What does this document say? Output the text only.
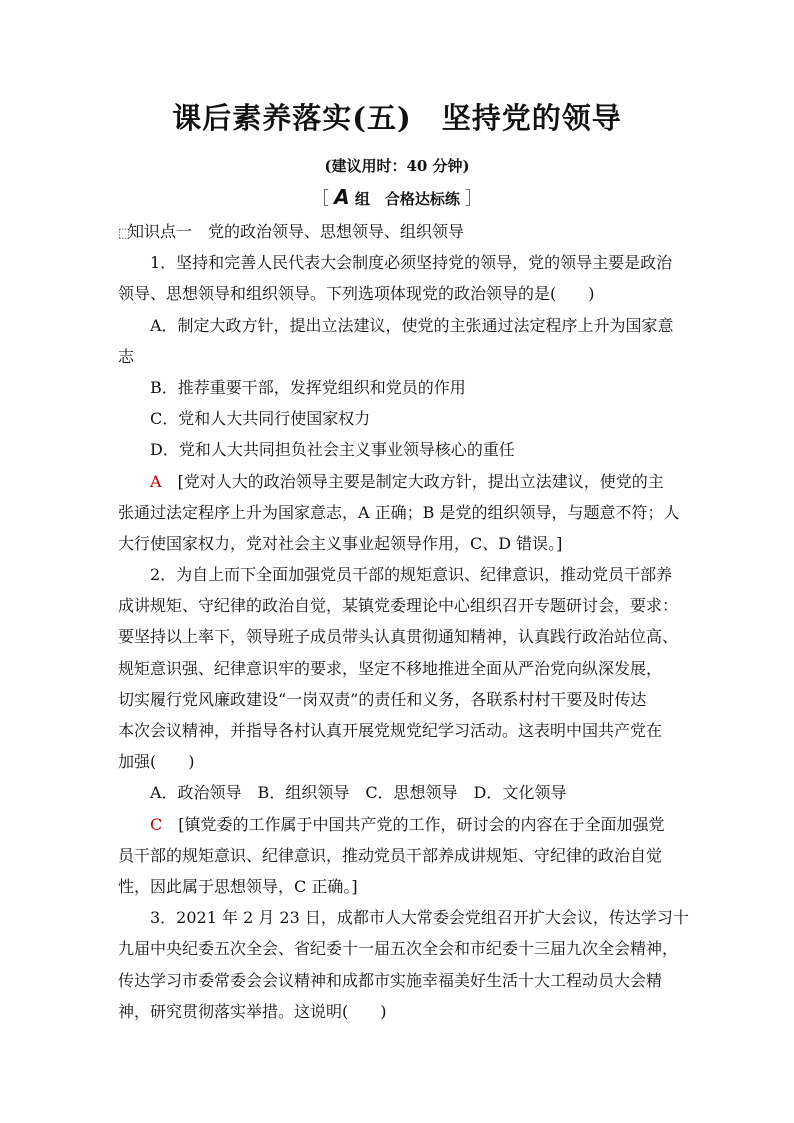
课后素养落实(五)　坚持党的领导
(建议用时：40 分钟)
［ A 组　合格达标练 ］
⬚知识点一　党的政治领导、思想领导、组织领导
1．坚持和完善人民代表大会制度必须坚持党的领导，党的领导主要是政治
领导、思想领导和组织领导。下列选项体现党的政治领导的是(　　)
A．制定大政方针，提出立法建议，使党的主张通过法定程序上升为国家意
志
B．推荐重要干部，发挥党组织和党员的作用
C．党和人大共同行使国家权力
D．党和人大共同担负社会主义事业领导核心的重任
A　[党对人大的政治领导主要是制定大政方针，提出立法建议，使党的主
张通过法定程序上升为国家意志，A 正确；B 是党的组织领导，与题意不符；人
大行使国家权力，党对社会主义事业起领导作用，C、D 错误。]
2．为自上而下全面加强党员干部的规矩意识、纪律意识，推动党员干部养
成讲规矩、守纪律的政治自觉，某镇党委理论中心组织召开专题研讨会，要求：
要坚持以上率下，领导班子成员带头认真贯彻通知精神，认真践行政治站位高、
规矩意识强、纪律意识牢的要求，坚定不移地推进全面从严治党向纵深发展，
切实履行党风廉政建设“一岗双责”的责任和义务，各联系村村干要及时传达
本次会议精神，并指导各村认真开展党规党纪学习活动。这表明中国共产党在
加强(　　)
A．政治领导　B．组织领导　C．思想领导　D．文化领导
C　[镇党委的工作属于中国共产党的工作，研讨会的内容在于全面加强党
员干部的规矩意识、纪律意识，推动党员干部养成讲规矩、守纪律的政治自觉
性，因此属于思想领导，C 正确。]
3．2021 年 2 月 23 日，成都市人大常委会党组召开扩大会议，传达学习十
九届中央纪委五次全会、省纪委十一届五次全会和市纪委十三届九次全会精神，
传达学习市委常委会会议精神和成都市实施幸福美好生活十大工程动员大会精
神，研究贯彻落实举措。这说明(　　)
